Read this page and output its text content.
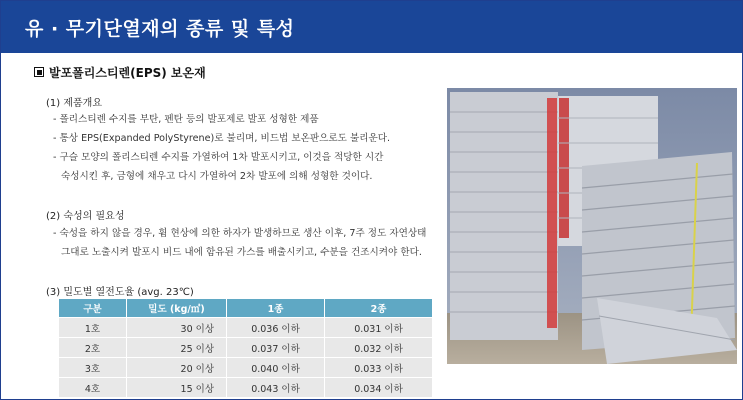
유 · 무기단열재의 종류 및 특성
발포폴리스티렌(EPS) 보온재
(1) 제품개요
- 폴리스티렌 수지를 부탄, 펜탄 등의 발포제로 발포 성형한 제품
- 통상 EPS(Expanded PolyStyrene)로 불리며, 비드법 보온판으로도 불리운다.
- 구슬 모양의 폴리스티렌 수지를 가열하여 1차 발포시키고, 이것을 적당한 시간
숙성시킨 후, 금형에 채우고 다시 가열하여 2차 발포에 의해 성형한 것이다.
(2) 숙성의 필요성
- 숙성을 하지 않을 경우, 휨 현상에 의한 하자가 발생하므로 생산 이후, 7주 정도 자연상태
그대로 노출시켜 발포시 비드 내에 함유된 가스를 배출시키고, 수분을 건조시켜야 한다.
(3) 밀도별 열전도율 (avg. 23℃)
구분	밀도 (kg/㎥)	1종	2종
1호	30 이상	0.036 이하	0.031 이하
2호	25 이상	0.037 이하	0.032 이하
3호	20 이상	0.040 이하	0.033 이하
4호	15 이상	0.043 이하	0.034 이하
